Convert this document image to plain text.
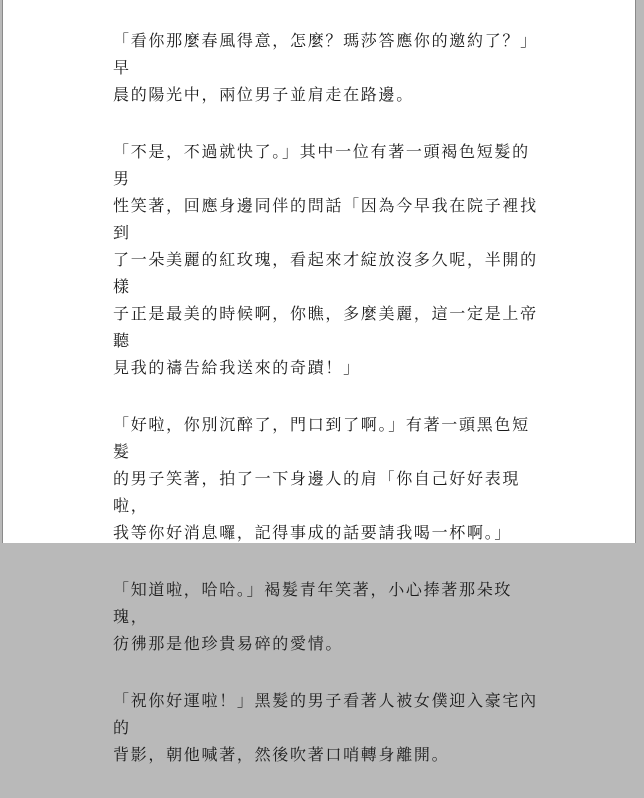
「看你那麼春風得意，怎麼？瑪莎答應你的邀約了？」早
晨的陽光中，兩位男子並肩走在路邊。

「不是，不過就快了。」其中一位有著一頭褐色短髮的男
性笑著，回應身邊同伴的問話「因為今早我在院子裡找到
了一朵美麗的紅玫瑰，看起來才綻放沒多久呢，半開的樣
子正是最美的時候啊，你瞧，多麼美麗，這一定是上帝聽
見我的禱告給我送來的奇蹟！」

「好啦，你別沉醉了，門口到了啊。」有著一頭黑色短髮
的男子笑著，拍了一下身邊人的肩「你自己好好表現啦，
我等你好消息囉，記得事成的話要請我喝一杯啊。」

「知道啦，哈哈。」褐髮青年笑著，小心捧著那朵玫瑰，
彷彿那是他珍貴易碎的愛情。

「祝你好運啦！」黑髮的男子看著人被女僕迎入豪宅內的
背影，朝他喊著，然後吹著口哨轉身離開。
